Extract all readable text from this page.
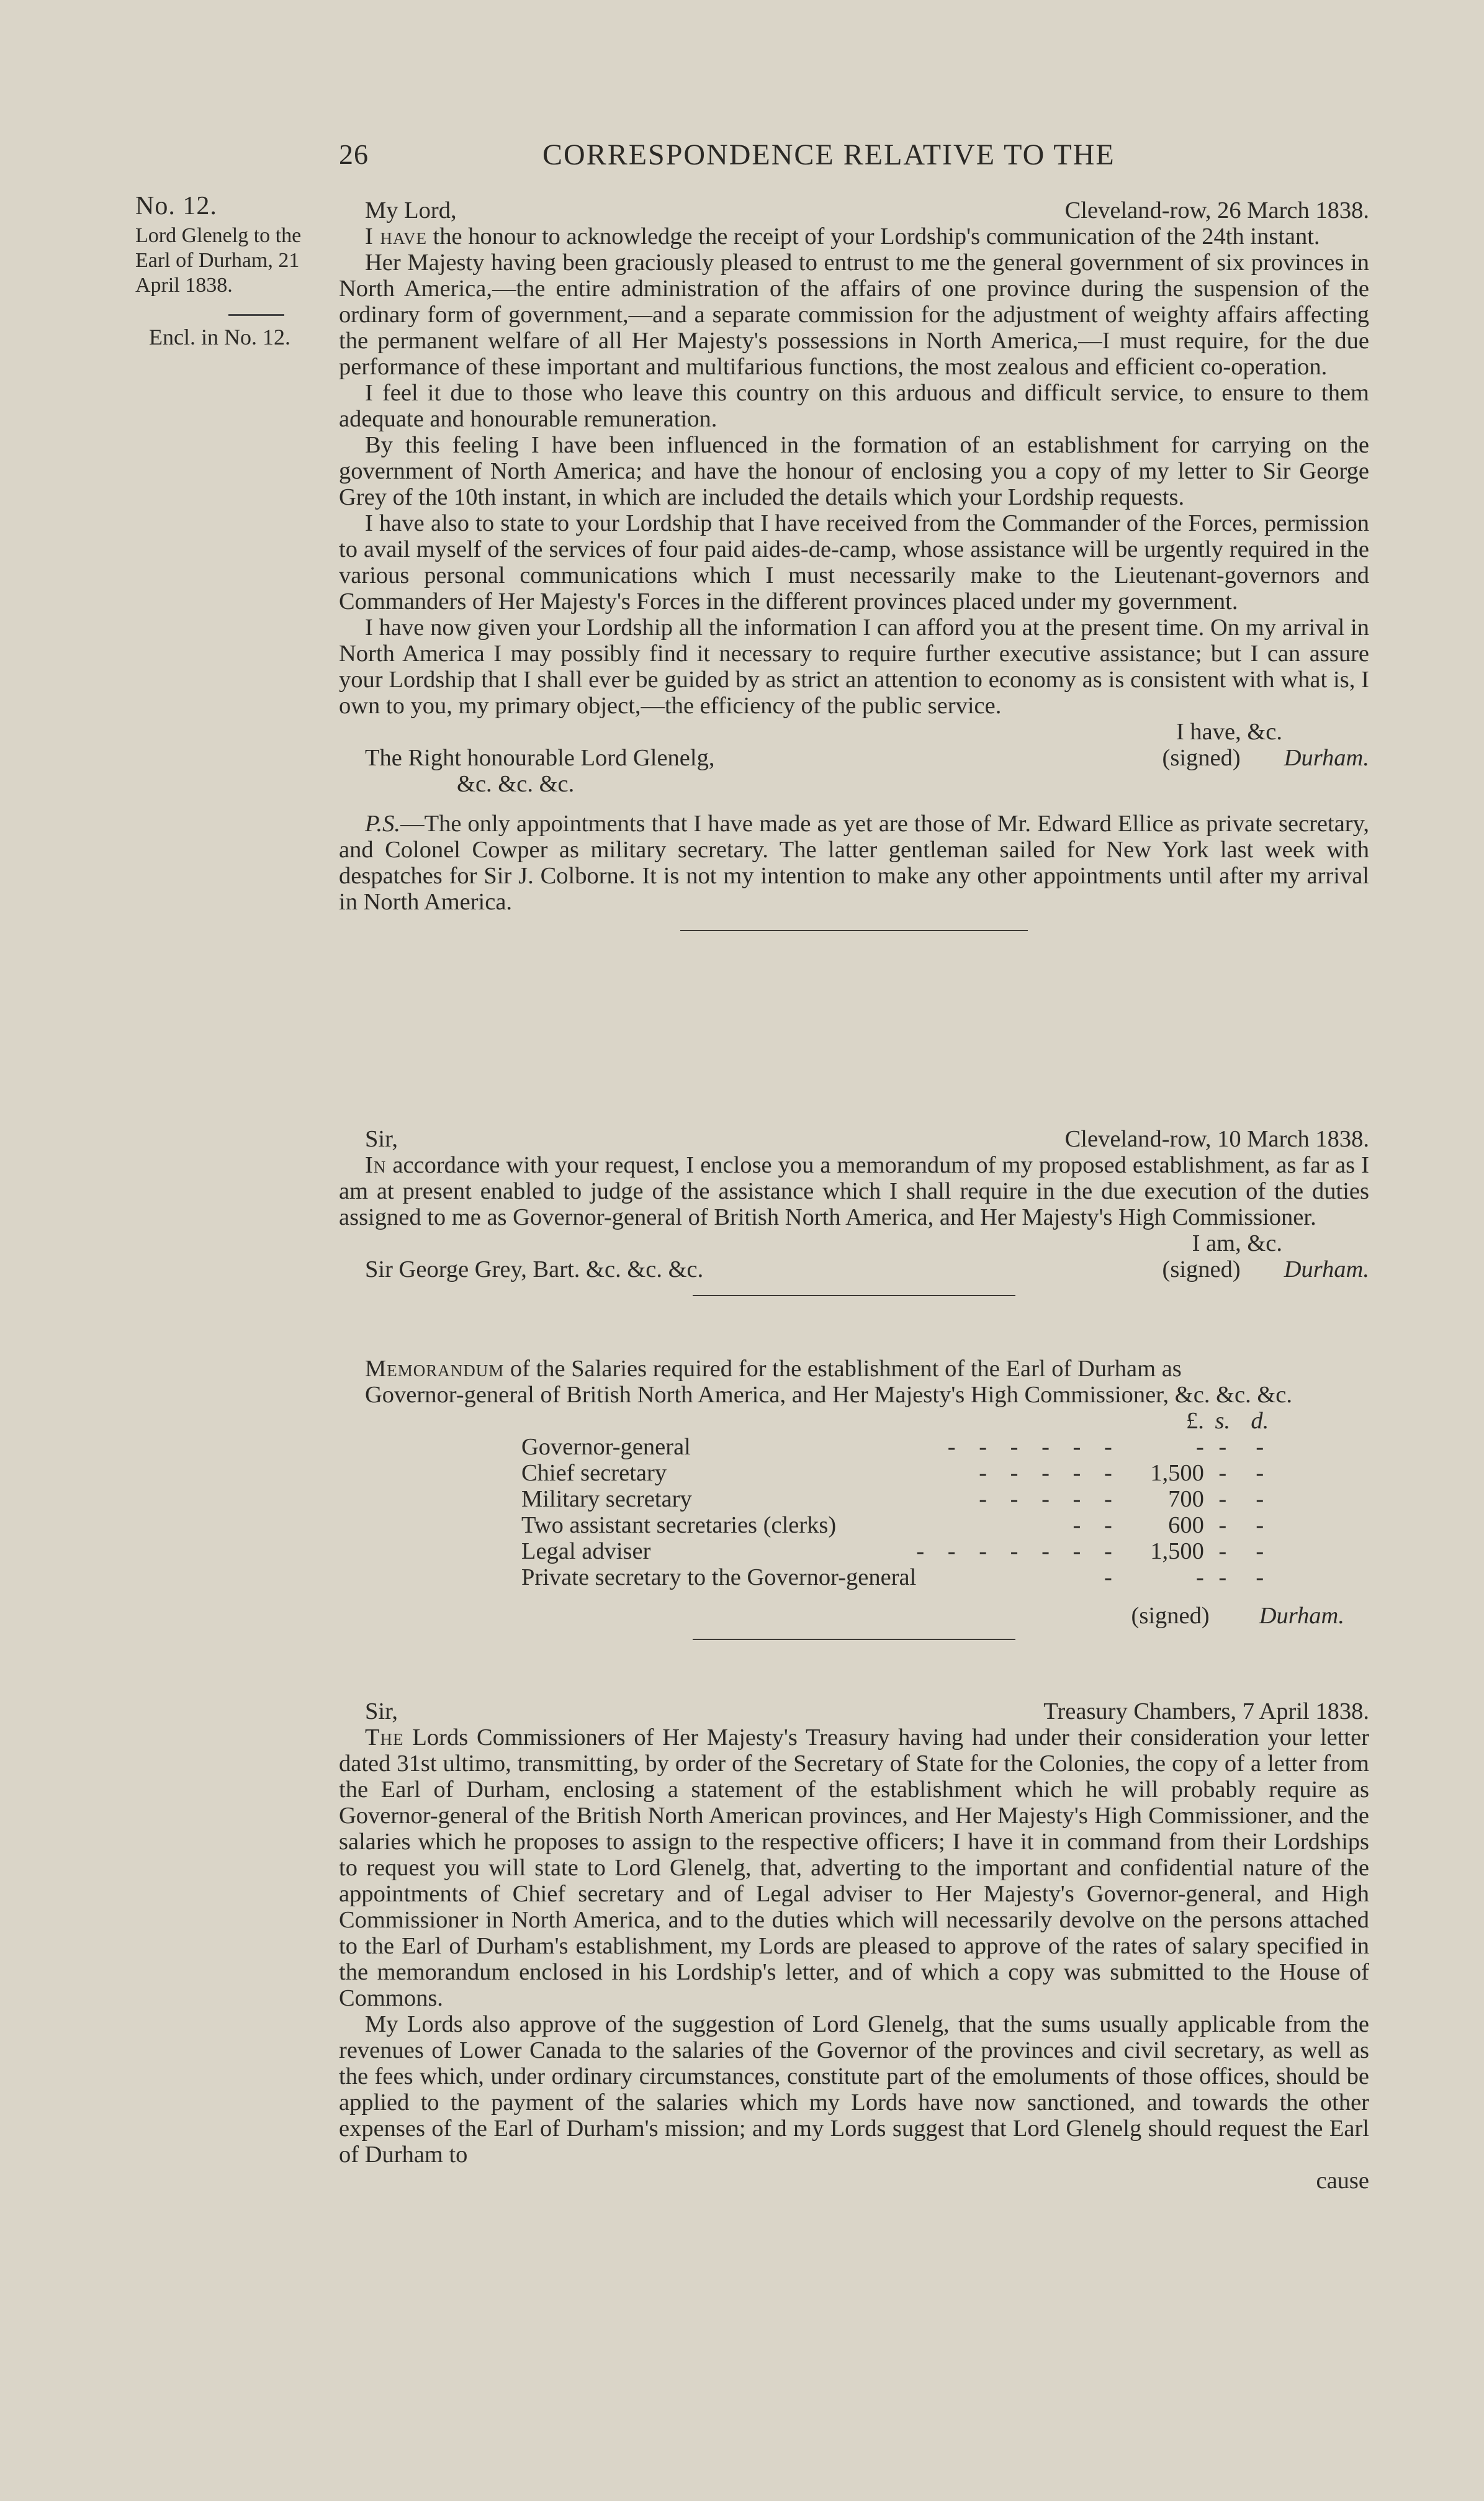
26	CORRESPONDENCE RELATIVE TO THE
No. 12.
Lord Glenelg to the Earl of Durham, 21 April 1838.
Encl. in No. 12.
My Lord,	Cleveland-row, 26 March 1838.

I have the honour to acknowledge the receipt of your Lordship's communication of the 24th instant.

Her Majesty having been graciously pleased to entrust to me the general government of six provinces in North America,—the entire administration of the affairs of one province during the suspension of the ordinary form of government,—and a separate commission for the adjustment of weighty affairs affecting the permanent welfare of all Her Majesty's possessions in North America,—I must require, for the due performance of these important and multifarious functions, the most zealous and efficient co-operation.

I feel it due to those who leave this country on this arduous and difficult service, to ensure to them adequate and honourable remuneration.

By this feeling I have been influenced in the formation of an establishment for carrying on the government of North America; and have the honour of enclosing you a copy of my letter to Sir George Grey of the 10th instant, in which are included the details which your Lordship requests.

I have also to state to your Lordship that I have received from the Commander of the Forces, permission to avail myself of the services of four paid aides-de-camp, whose assistance will be urgently required in the various personal communications which I must necessarily make to the Lieutenant-governors and Commanders of Her Majesty's Forces in the different provinces placed under my government.

I have now given your Lordship all the information I can afford you at the present time. On my arrival in North America I may possibly find it necessary to require further executive assistance; but I can assure your Lordship that I shall ever be guided by as strict an attention to economy as is consistent with what is, I own to you, my primary object,—the efficiency of the public service.

I have, &c.
The Right honourable Lord Glenelg,	(signed) Durham.
&c. &c. &c.

P.S.—The only appointments that I have made as yet are those of Mr. Edward Ellice as private secretary, and Colonel Cowper as military secretary. The latter gentleman sailed for New York last week with despatches for Sir J. Colborne. It is not my intention to make any other appointments until after my arrival in North America.

Sir,	Cleveland-row, 10 March 1838.

In accordance with your request, I enclose you a memorandum of my proposed establishment, as far as I am at present enabled to judge of the assistance which I shall require in the due execution of the duties assigned to me as Governor-general of British North America, and Her Majesty's High Commissioner.

I am, &c.
Sir George Grey, Bart. &c. &c. &c.	(signed) Durham.

Memorandum of the Salaries required for the establishment of the Earl of Durham as

Governor-general of British North America, and Her Majesty's High Commissioner, &c. &c. &c.
		£.	s.	d.
Governor-general	- - - - - -	-	-	-
Chief secretary	- - - - -	1,500	-	-
Military secretary	- - - - -	700	-	-
Two assistant secretaries (clerks)	- -	600	-	-
Legal adviser	- - - - - - -	1,500	-	-
Private secretary to the Governor-general	-	-	-	-
(signed) Durham.
Sir,	Treasury Chambers, 7 April 1838.

The Lords Commissioners of Her Majesty's Treasury having had under their consideration your letter dated 31st ultimo, transmitting, by order of the Secretary of State for the Colonies, the copy of a letter from the Earl of Durham, enclosing a statement of the establishment which he will probably require as Governor-general of the British North American provinces, and Her Majesty's High Commissioner, and the salaries which he proposes to assign to the respective officers; I have it in command from their Lordships to request you will state to Lord Glenelg, that, adverting to the important and confidential nature of the appointments of Chief secretary and of Legal adviser to Her Majesty's Governor-general, and High Commissioner in North America, and to the duties which will necessarily devolve on the persons attached to the Earl of Durham's establishment, my Lords are pleased to approve of the rates of salary specified in the memorandum enclosed in his Lordship's letter, and of which a copy was submitted to the House of Commons.

My Lords also approve of the suggestion of Lord Glenelg, that the sums usually applicable from the revenues of Lower Canada to the salaries of the Governor of the provinces and civil secretary, as well as the fees which, under ordinary circumstances, constitute part of the emoluments of those offices, should be applied to the payment of the salaries which my Lords have now sanctioned, and towards the other expenses of the Earl of Durham's mission; and my Lords suggest that Lord Glenelg should request the Earl of Durham to

cause
